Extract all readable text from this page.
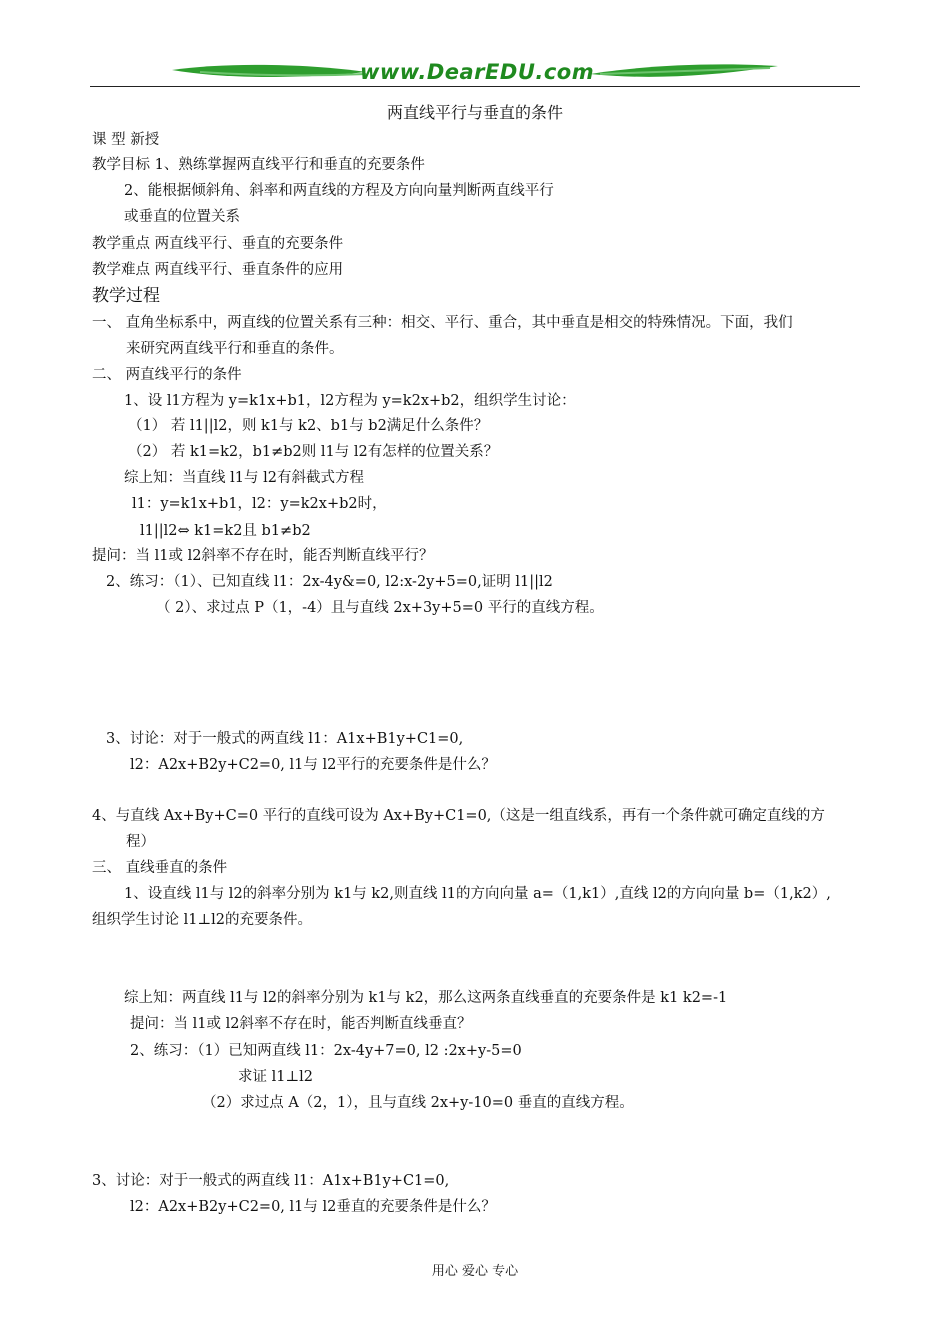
www.DearEDU.com
两直线平行与垂直的条件
课 型 新授
教学目标 1、熟练掌握两直线平行和垂直的充要条件
2、能根据倾斜角、斜率和两直线的方程及方向向量判断两直线平行
或垂直的位置关系
教学重点 两直线平行、垂直的充要条件
教学难点 两直线平行、垂直条件的应用
教学过程
一、 直角坐标系中，两直线的位置关系有三种：相交、平行、重合，其中垂直是相交的特殊情况。下面，我们
来研究两直线平行和垂直的条件。
二、 两直线平行的条件
1、设 l1方程为 y=k1x+b1，l2方程为 y=k2x+b2，组织学生讨论：
（1） 若 l1||l2，则 k1与 k2、b1与 b2满足什么条件？
（2） 若 k1=k2，b1≠b2则 l1与 l2有怎样的位置关系？
综上知：当直线 l1与 l2有斜截式方程
l1：y=k1x+b1，l2：y=k2x+b2时，
l1||l2⇔ k1=k2且 b1≠b2
提问：当 l1或 l2斜率不存在时，能否判断直线平行？
2、练习：（1）、已知直线 l1：2x-4y&=0, l2:x-2y+5=0,证明 l1||l2
（ 2）、求过点 P（1，-4）且与直线 2x+3y+5=0 平行的直线方程。
3、讨论：对于一般式的两直线 l1：A1x+B1y+C1=0,
l2：A2x+B2y+C2=0, l1与 l2平行的充要条件是什么？
4、与直线 Ax+By+C=0 平行的直线可设为 Ax+By+C1=0,（这是一组直线系，再有一个条件就可确定直线的方
程）
三、 直线垂直的条件
1、设直线 l1与 l2的斜率分别为 k1与 k2,则直线 l1的方向向量 a=（1,k1）,直线 l2的方向向量 b=（1,k2）,
组织学生讨论 l1⊥l2的充要条件。
综上知：两直线 l1与 l2的斜率分别为 k1与 k2，那么这两条直线垂直的充要条件是 k1 k2=-1
提问：当 l1或 l2斜率不存在时，能否判断直线垂直？
2、练习：（1）已知两直线 l1：2x-4y+7=0, l2 :2x+y-5=0
求证 l1⊥l2
（2）求过点 A（2，1），且与直线 2x+y-10=0 垂直的直线方程。
3、讨论：对于一般式的两直线 l1：A1x+B1y+C1=0,
l2：A2x+B2y+C2=0, l1与 l2垂直的充要条件是什么？
用心 爱心 专心
